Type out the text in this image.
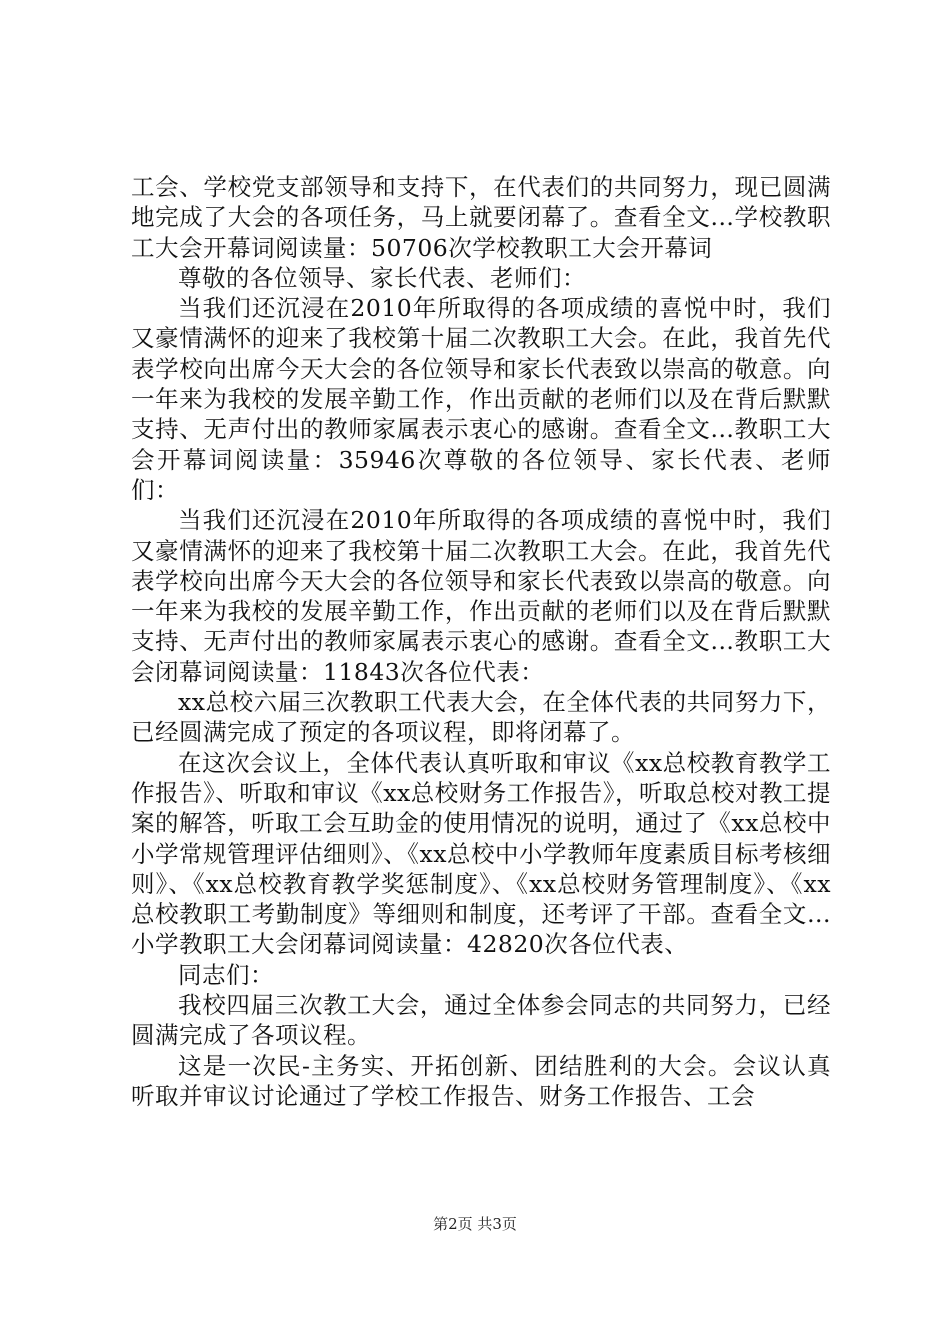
工会、学校党支部领导和支持下，在代表们的共同努力，现已圆满地完成了大会的各项任务，马上就要闭幕了。查看全文...学校教职工大会开幕词阅读量：50706次学校教职工大会开幕词

尊敬的各位领导、家长代表、老师们：

当我们还沉浸在2010年所取得的各项成绩的喜悦中时，我们又豪情满怀的迎来了我校第十届二次教职工大会。在此，我首先代表学校向出席今天大会的各位领导和家长代表致以崇高的敬意。向一年来为我校的发展辛勤工作，作出贡献的老师们以及在背后默默支持、无声付出的教师家属表示衷心的感谢。查看全文...教职工大会开幕词阅读量：35946次尊敬的各位领导、家长代表、老师们：

当我们还沉浸在2010年所取得的各项成绩的喜悦中时，我们又豪情满怀的迎来了我校第十届二次教职工大会。在此，我首先代表学校向出席今天大会的各位领导和家长代表致以崇高的敬意。向一年来为我校的发展辛勤工作，作出贡献的老师们以及在背后默默支持、无声付出的教师家属表示衷心的感谢。查看全文...教职工大会闭幕词阅读量：11843次各位代表：

xx总校六届三次教职工代表大会，在全体代表的共同努力下，已经圆满完成了预定的各项议程，即将闭幕了。

在这次会议上，全体代表认真听取和审议《xx总校教育教学工作报告》、听取和审议《xx总校财务工作报告》，听取总校对教工提案的解答，听取工会互助金的使用情况的说明，通过了《xx总校中小学常规管理评估细则》、《xx总校中小学教师年度素质目标考核细则》、《xx总校教育教学奖惩制度》、《xx总校财务管理制度》、《xx总校教职工考勤制度》等细则和制度，还考评了干部。查看全文...小学教职工大会闭幕词阅读量：42820次各位代表、

同志们：

我校四届三次教工大会，通过全体参会同志的共同努力，已经圆满完成了各项议程。

这是一次民-主务实、开拓创新、团结胜利的大会。会议认真听取并审议讨论通过了学校工作报告、财务工作报告、工会

第2页 共3页
